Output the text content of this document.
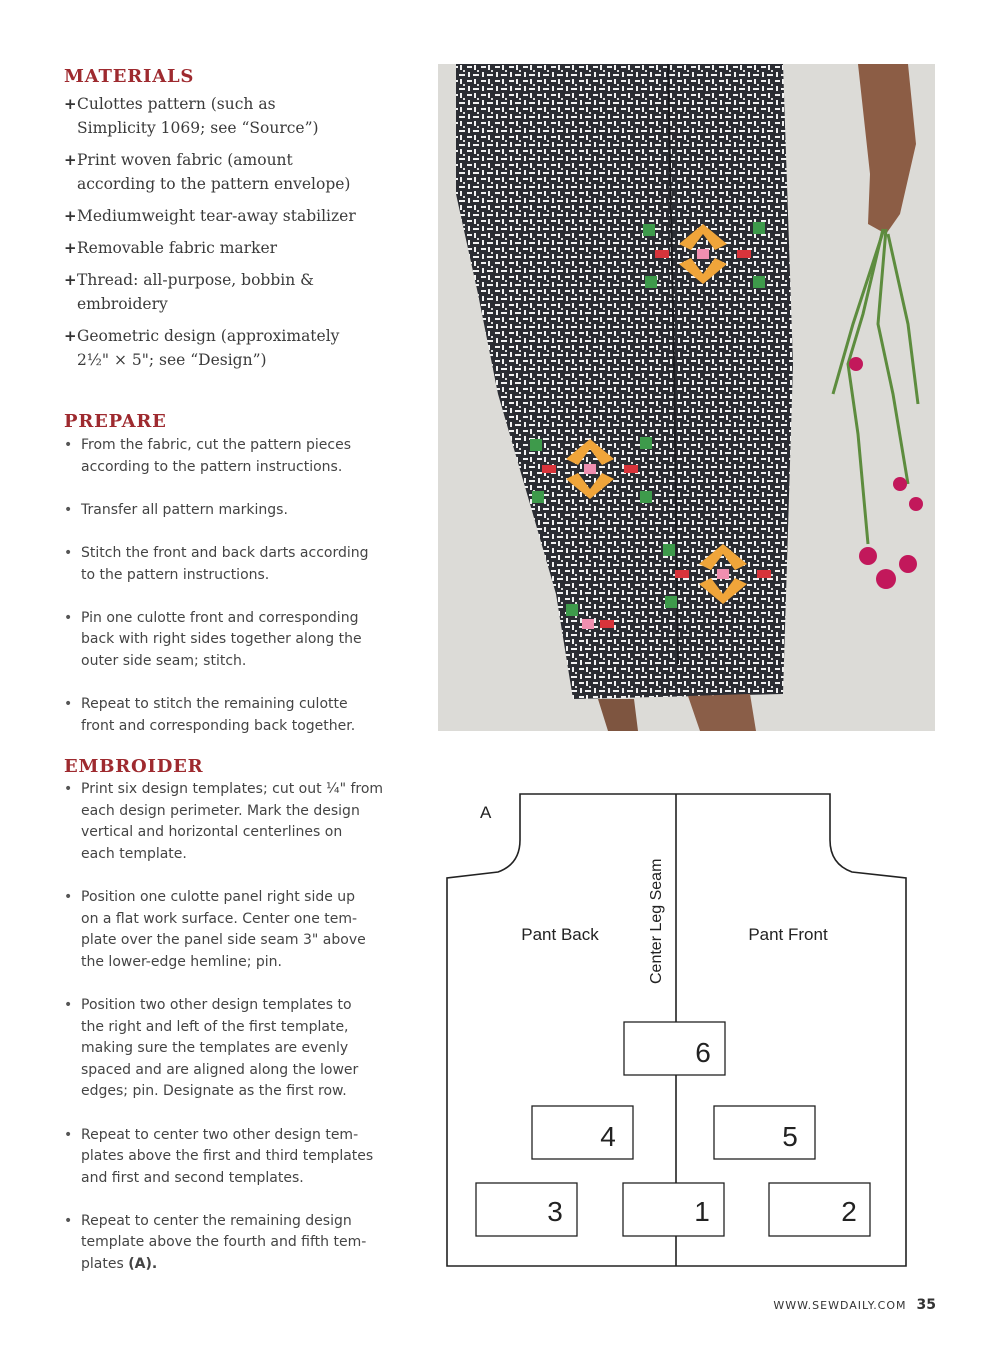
MATERIALS
+ Culottes pattern (such as
Simplicity 1069; see “Source”)
+ Print woven fabric (amount
according to the pattern envelope)
+ Mediumweight tear-away stabilizer
+ Removable fabric marker
+ Thread: all-purpose, bobbin &
embroidery
+ Geometric design (approximately
2½" × 5"; see “Design”)
PREPARE
• From the fabric, cut the pattern pieces
according to the pattern instructions.
• Transfer all pattern markings.
• Stitch the front and back darts according
to the pattern instructions.
• Pin one culotte front and corresponding
back with right sides together along the
outer side seam; stitch.
• Repeat to stitch the remaining culotte
front and corresponding back together.
EMBROIDER
• Print six design templates; cut out ¼" from
each design perimeter. Mark the design
vertical and horizontal centerlines on
each template.
• Position one culotte panel right side up
on a flat work surface. Center one tem-
plate over the panel side seam 3" above
the lower-edge hemline; pin.
• Position two other design templates to
the right and left of the first template,
making sure the templates are evenly
spaced and are aligned along the lower
edges; pin. Designate as the first row.
• Repeat to center two other design tem-
plates above the first and third templates
and first and second templates.
• Repeat to center the remaining design
template above the fourth and fifth tem-
plates (A).
A
Pant Back	Pant Front
Center Leg Seam
6
4	5
3	1	2
WWW.SEWDAILY.COM 35
